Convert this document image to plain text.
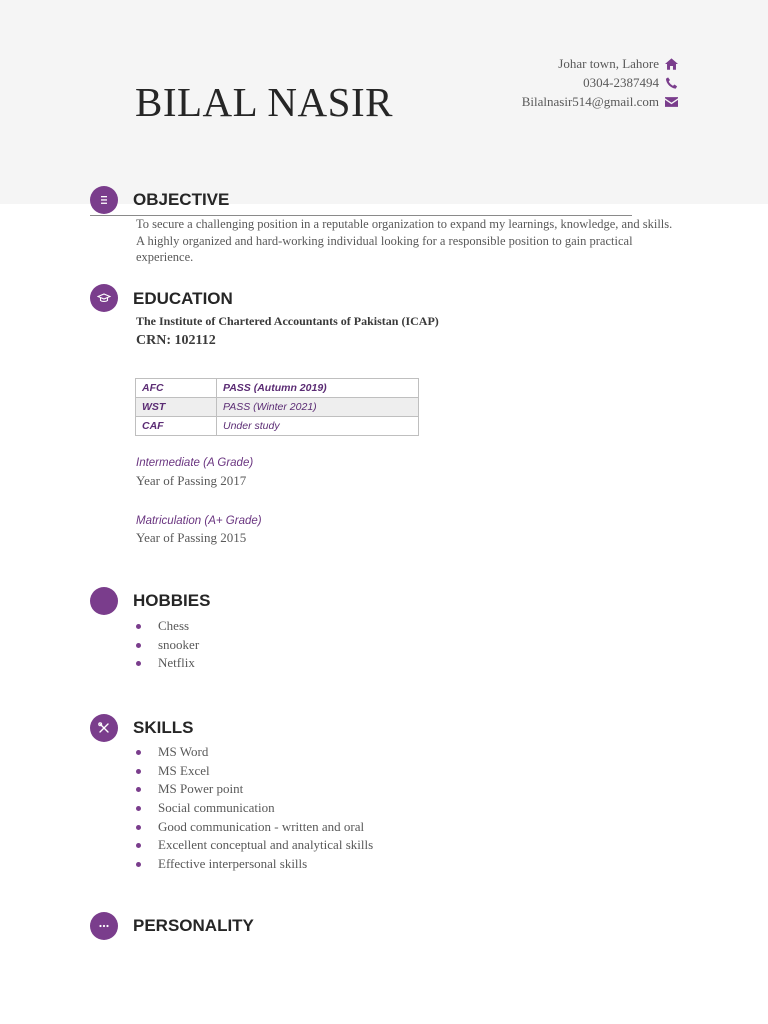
BILAL NASIR
Johar town, Lahore
0304-2387494
Bilalnasir514@gmail.com
OBJECTIVE

To secure a challenging position in a reputable organization to expand my learnings, knowledge, and skills. A highly organized and hard-working individual looking for a responsible position to gain practical experience.

EDUCATION

The Institute of Chartered Accountants of Pakistan (ICAP)

CRN: 102112

AFC	PASS (Autumn 2019)
WST	PASS (Winter 2021)
CAF	Under study

Intermediate (A Grade)

Year of Passing 2017

Matriculation (A+ Grade)

Year of Passing 2015

HOBBIES
Chess
snooker
Netflix
SKILLS
MS Word
MS Excel
MS Power point
Social communication
Good communication - written and oral
Excellent conceptual and analytical skills
Effective interpersonal skills
PERSONALITY
